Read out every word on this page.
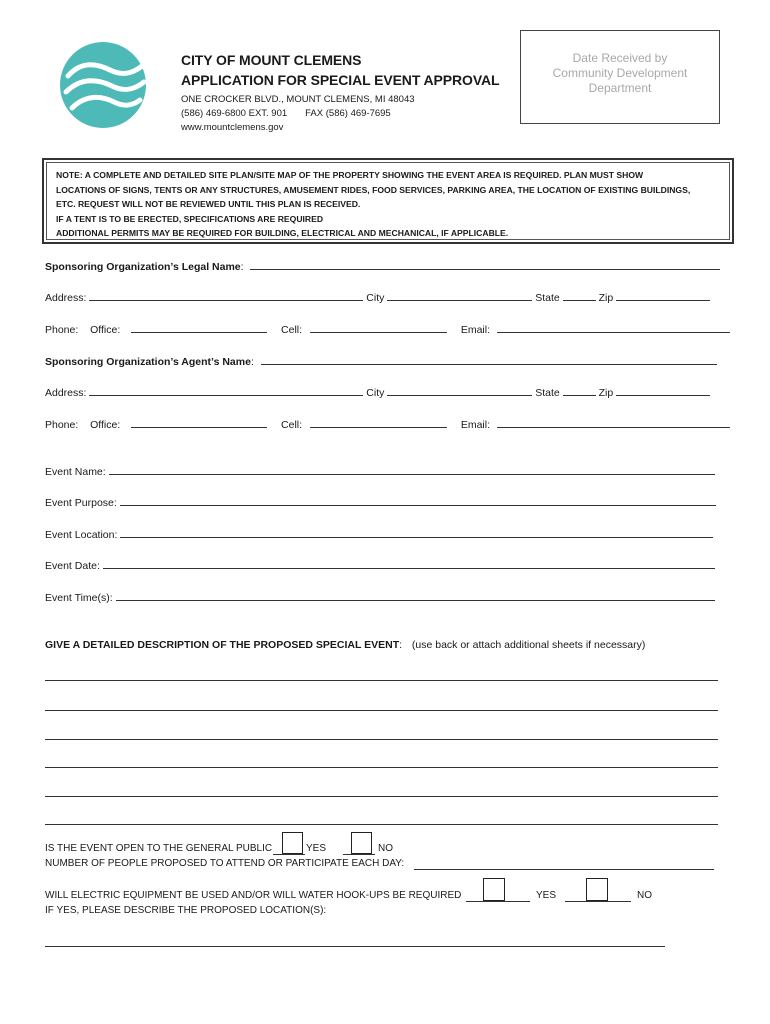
CITY OF MOUNT CLEMENS
APPLICATION FOR SPECIAL EVENT APPROVAL
ONE CROCKER BLVD., MOUNT CLEMENS, MI 48043
(586) 469-6800 EXT. 901 FAX (586) 469-7695
www.mountclemens.gov
Date Received by
Community Development
Department
NOTE: A COMPLETE AND DETAILED SITE PLAN/SITE MAP OF THE PROPERTY SHOWING THE EVENT AREA IS REQUIRED. PLAN MUST SHOW
LOCATIONS OF SIGNS, TENTS OR ANY STRUCTURES, AMUSEMENT RIDES, FOOD SERVICES, PARKING AREA, THE LOCATION OF EXISTING BUILDINGS,
ETC. REQUEST WILL NOT BE REVIEWED UNTIL THIS PLAN IS RECEIVED.
IF A TENT IS TO BE ERECTED, SPECIFICATIONS ARE REQUIRED
ADDITIONAL PERMITS MAY BE REQUIRED FOR BUILDING, ELECTRICAL AND MECHANICAL, IF APPLICABLE.
Sponsoring Organization’s Legal Name:
Address:	City	State	Zip
Phone: Office:	Cell:	Email:
Sponsoring Organization’s Agent’s Name:
Address:	City	State	Zip
Phone: Office:	Cell:	Email:
Event Name:
Event Purpose:
Event Location:
Event Date:
Event Time(s):
GIVE A DETAILED DESCRIPTION OF THE PROPOSED SPECIAL EVENT: (use back or attach additional sheets if necessary)
IS THE EVENT OPEN TO THE GENERAL PUBLIC	YES	NO
NUMBER OF PEOPLE PROPOSED TO ATTEND OR PARTICIPATE EACH DAY:
WILL ELECTRIC EQUIPMENT BE USED AND/OR WILL WATER HOOK-UPS BE REQUIRED	YES	NO
IF YES, PLEASE DESCRIBE THE PROPOSED LOCATION(S):
